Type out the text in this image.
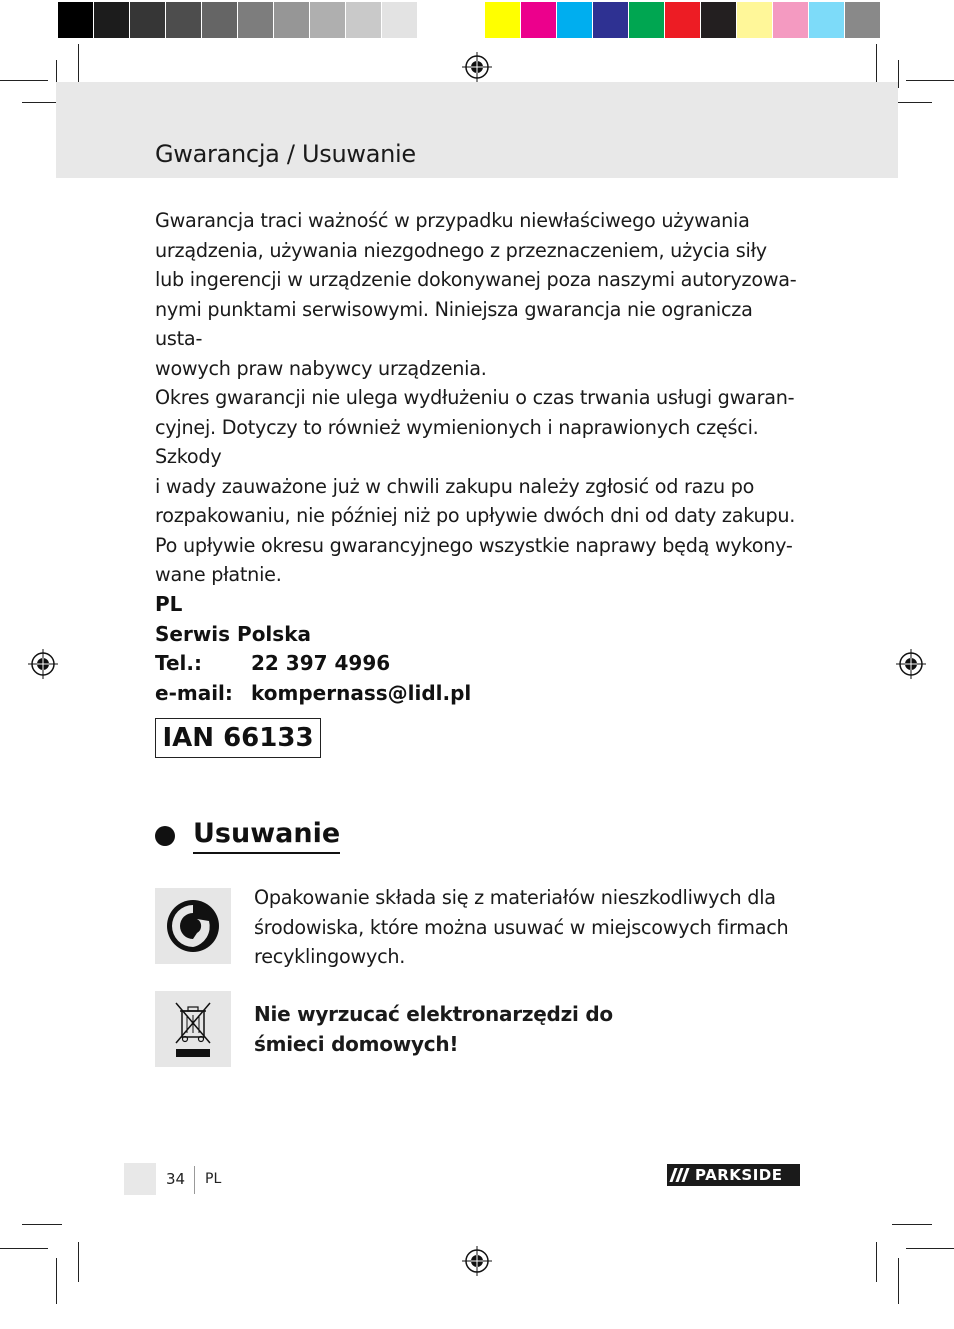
Gwarancja / Usuwanie

Gwarancja traci ważność w przypadku niewłaściwego używania

urządzenia, używania niezgodnego z przeznaczeniem, użycia siły

lub ingerencji w urządzenie dokonywanej poza naszymi autoryzowa-

nymi punktami serwisowymi. Niniejsza gwarancja nie ogranicza usta-

wowych praw nabywcy urządzenia.

Okres gwarancji nie ulega wydłużeniu o czas trwania usługi gwaran-

cyjnej. Dotyczy to również wymienionych i naprawionych części. Szkody

i wady zauważone już w chwili zakupu należy zgłosić od razu po

rozpakowaniu, nie później niż po upływie dwóch dni od daty zakupu.

Po upływie okresu gwarancyjnego wszystkie naprawy będą wykony-

wane płatnie.

PL
Serwis Polska
Tel.:	22 397 4996
e-mail: kompernass@lidl.pl
IAN 66133
Usuwanie
Opakowanie składa się z materiałów nieszkodliwych dla
środowiska, które można usuwać w miejscowych firmach
recyklingowych.
Nie wyrzucać elektronarzędzi do
śmieci domowych!
34 PL	PARKSIDE
